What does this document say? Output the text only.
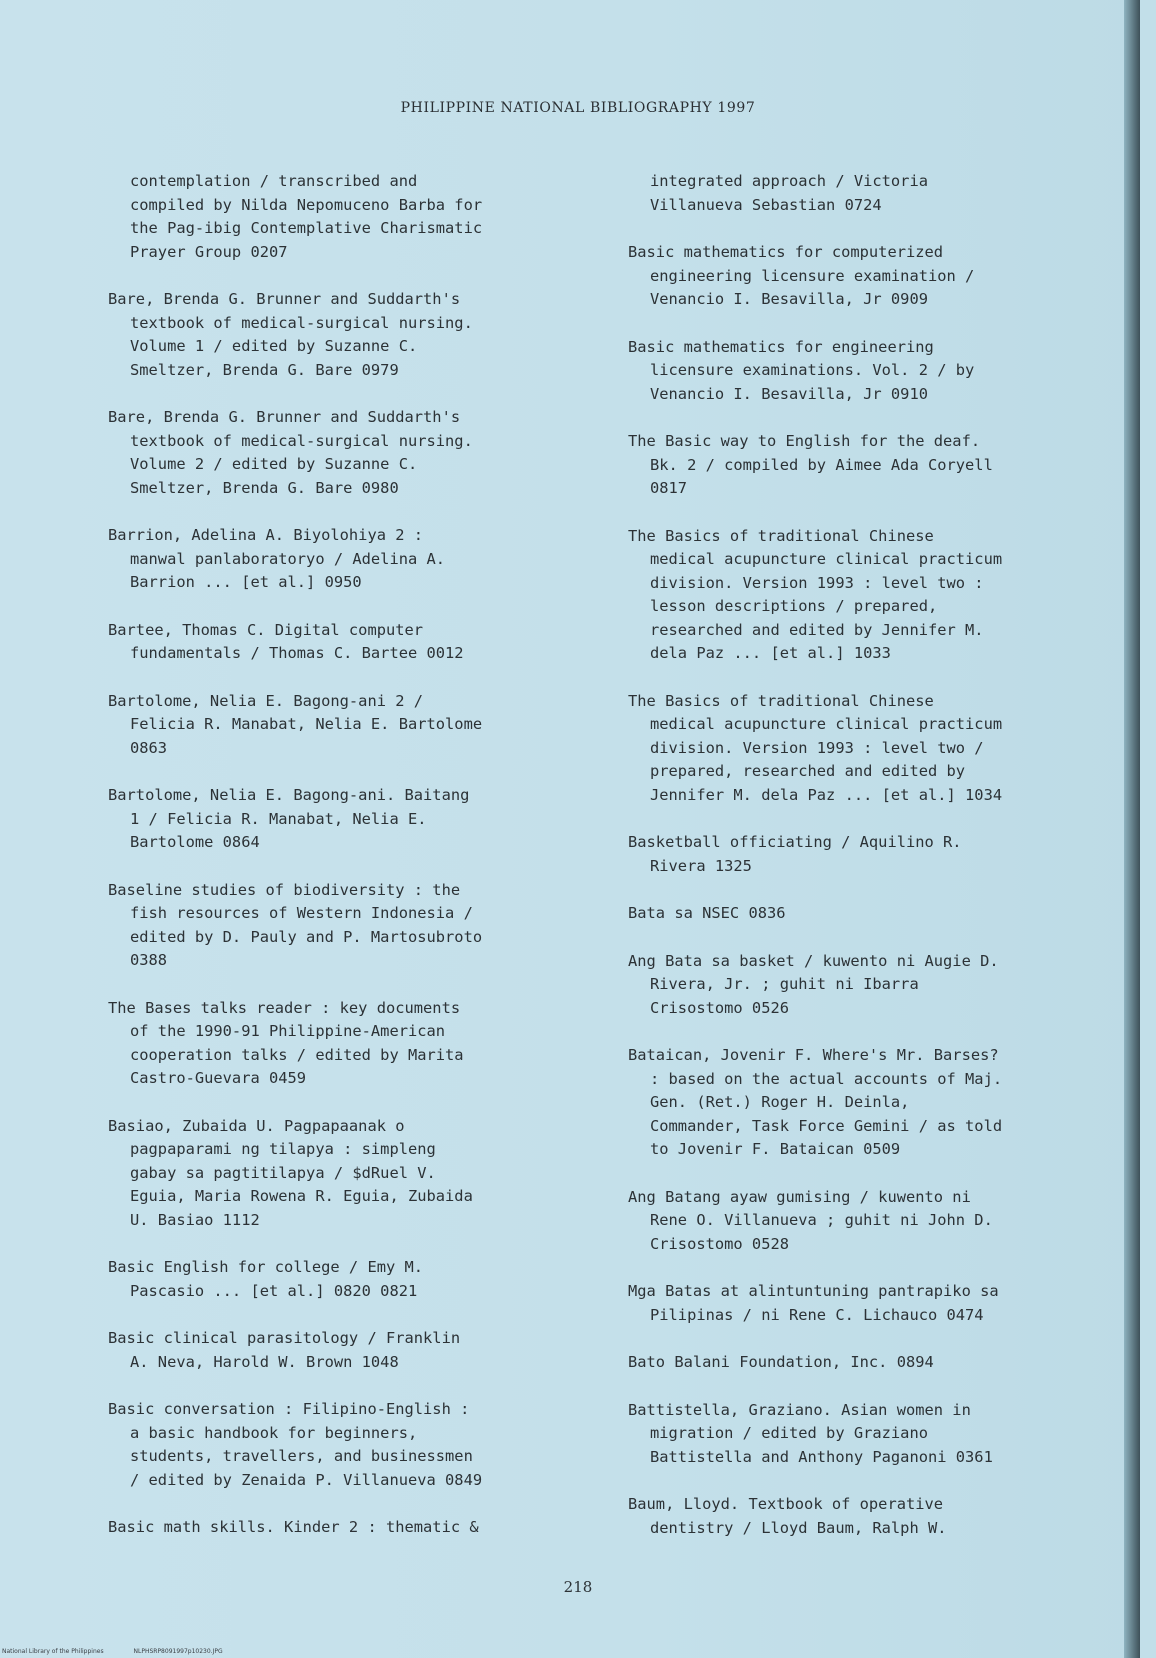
PHILIPPINE NATIONAL BIBLIOGRAPHY 1997
contemplation / transcribed and
compiled by Nilda Nepomuceno Barba for
the Pag-ibig Contemplative Charismatic
Prayer Group 0207
Bare, Brenda G. Brunner and Suddarth's
textbook of medical-surgical nursing.
Volume 1 / edited by Suzanne C.
Smeltzer, Brenda G. Bare 0979
Bare, Brenda G. Brunner and Suddarth's
textbook of medical-surgical nursing.
Volume 2 / edited by Suzanne C.
Smeltzer, Brenda G. Bare 0980
Barrion, Adelina A. Biyolohiya 2 :
manwal panlaboratoryo / Adelina A.
Barrion ... [et al.] 0950
Bartee, Thomas C. Digital computer
fundamentals / Thomas C. Bartee 0012
Bartolome, Nelia E. Bagong-ani 2 /
Felicia R. Manabat, Nelia E. Bartolome
0863
Bartolome, Nelia E. Bagong-ani. Baitang
1 / Felicia R. Manabat, Nelia E.
Bartolome 0864
Baseline studies of biodiversity : the
fish resources of Western Indonesia /
edited by D. Pauly and P. Martosubroto
0388
The Bases talks reader : key documents
of the 1990-91 Philippine-American
cooperation talks / edited by Marita
Castro-Guevara 0459
Basiao, Zubaida U. Pagpapaanak o
pagpaparami ng tilapya : simpleng
gabay sa pagtitilapya / $dRuel V.
Eguia, Maria Rowena R. Eguia, Zubaida
U. Basiao 1112
Basic English for college / Emy M.
Pascasio ... [et al.] 0820 0821
Basic clinical parasitology / Franklin
A. Neva, Harold W. Brown 1048
Basic conversation : Filipino-English :
a basic handbook for beginners,
students, travellers, and businessmen
/ edited by Zenaida P. Villanueva 0849
Basic math skills. Kinder 2 : thematic &
integrated approach / Victoria
Villanueva Sebastian 0724
Basic mathematics for computerized
engineering licensure examination /
Venancio I. Besavilla, Jr 0909
Basic mathematics for engineering
licensure examinations. Vol. 2 / by
Venancio I. Besavilla, Jr 0910
The Basic way to English for the deaf.
Bk. 2 / compiled by Aimee Ada Coryell
0817
The Basics of traditional Chinese
medical acupuncture clinical practicum
division. Version 1993 : level two :
lesson descriptions / prepared,
researched and edited by Jennifer M.
dela Paz ... [et al.] 1033
The Basics of traditional Chinese
medical acupuncture clinical practicum
division. Version 1993 : level two /
prepared, researched and edited by
Jennifer M. dela Paz ... [et al.] 1034
Basketball officiating / Aquilino R.
Rivera 1325
Bata sa NSEC 0836
Ang Bata sa basket / kuwento ni Augie D.
Rivera, Jr. ; guhit ni Ibarra
Crisostomo 0526
Bataican, Jovenir F. Where's Mr. Barses?
: based on the actual accounts of Maj.
Gen. (Ret.) Roger H. Deinla,
Commander, Task Force Gemini / as told
to Jovenir F. Bataican 0509
Ang Batang ayaw gumising / kuwento ni
Rene O. Villanueva ; guhit ni John D.
Crisostomo 0528
Mga Batas at alintuntuning pantrapiko sa
Pilipinas / ni Rene C. Lichauco 0474
Bato Balani Foundation, Inc. 0894
Battistella, Graziano. Asian women in
migration / edited by Graziano
Battistella and Anthony Paganoni 0361
Baum, Lloyd. Textbook of operative
dentistry / Lloyd Baum, Ralph W.
218
National Library of the Philippines	NLPHSRP8091997p10230.JPG
